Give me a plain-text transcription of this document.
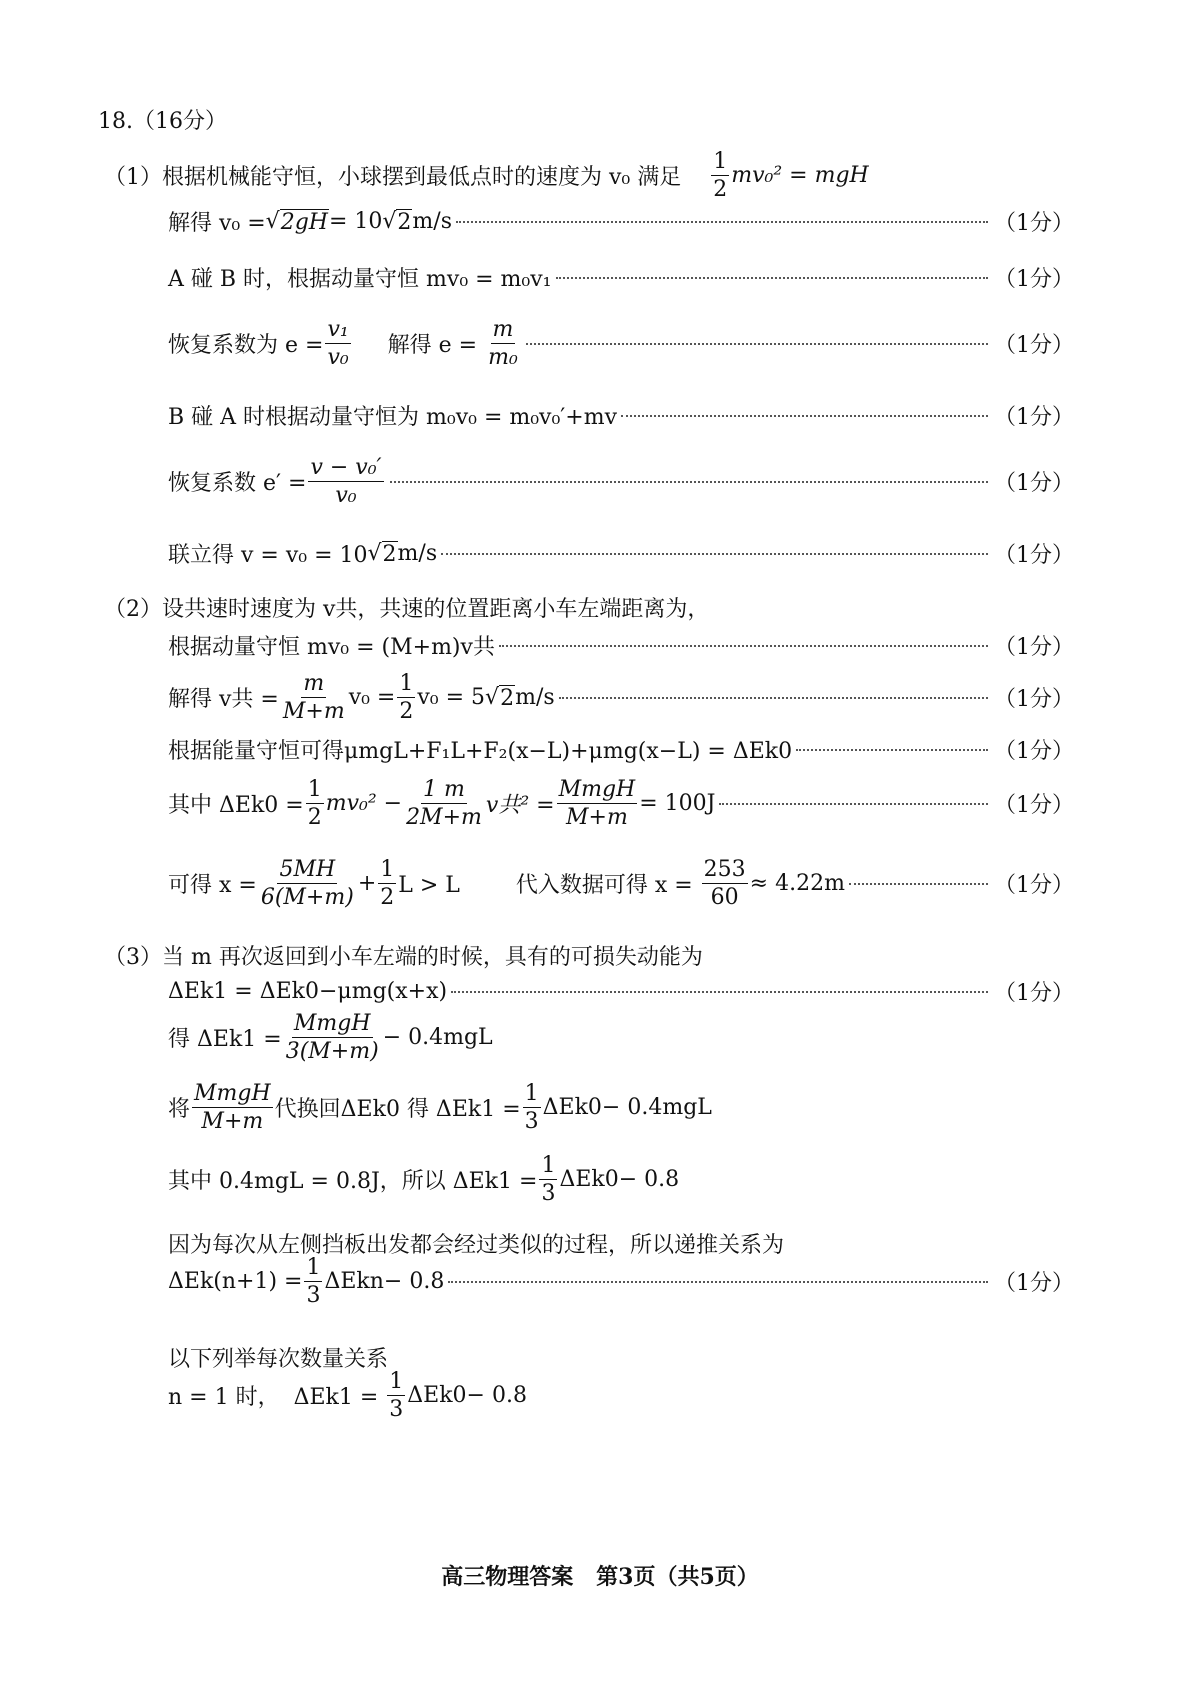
18.（16分）
（1）根据机械能守恒，小球摆到最低点时的速度为 v₀ 满足 $\frac{1}{2} mv_0^2$ = mgH
解得 v₀ = √ 2gH = 10 √ 2 m/s	（1分）
A 碰 B 时，根据动量守恒 mv₀ = m₀v₁	（1分）
恢复系数为 $e = \frac{\text{v₁}}{\text{v₀}}$ 解得 $e = \frac{m}{\text{m₀}}$	（1分）
B 碰 A 时根据动量守恒为 m₀v₀ = m₀v₀′+mv	（1分）
恢复系数 $e' = \frac{\text{v − v₀′}}{\text{v₀}}$	（1分）
联立得 v = v₀ = 10 √ 2 m/s	（1分）
（2）设共速时速度为 v共，共速的位置距离小车左端距离为，
根据动量守恒 mv₀ = (M+m)v共	（1分）
解得 v共 = $\frac{m}{M+m} v_0 = \frac{1}{2} v_0 = 5$ √ 2 m/s	（1分）
根据能量守恒可得μmgL+F₁L+F₂(x−L)+μmg(x−L) = ΔEk0	（1分）
其中 $\Delta Ek0 = \frac{1}{2} mv_0^2 - \frac{1 m}{2M+m}$ v共$^2 = \frac{\text{MmgH}}{M+m} = 100J$	（1分）
可得 $x = \frac{5MH}{6(M+m)} + \frac{1}{2}$ L > L        代入数据可得 $x = \frac{253}{60} \approx 4.22m$	（1分）
（3）当 m 再次返回到小车左端的时候，具有的可损失动能为
ΔEk1 = ΔEk0−μmg(x+x)	（1分）
得 $\Delta Ek1 = \frac{\text{MmgH}}{3(M+m)} - 0.4mgL$
将 $\frac{\text{MmgH}}{M+m}$ 代换回ΔEk0 得 $\Delta Ek1 = \frac{1}{3} \Delta Ek0- 0.4mgL$
其中 0.4mgL = 0.8J，所以 $\Delta Ek1 = \frac{1}{3} \Delta Ek0- 0.8$
因为每次从左侧挡板出发都会经过类似的过程，所以递推关系为
$\Delta Ek(n+1) = \frac{1}{3} \Delta Ekn- 0.8$	（1分）
以下列举每次数量关系
n = 1 时，  $\Delta Ek1 = \frac{1}{3} \Delta Ek0- 0.8$
高三物理答案   第3页（共5页）
